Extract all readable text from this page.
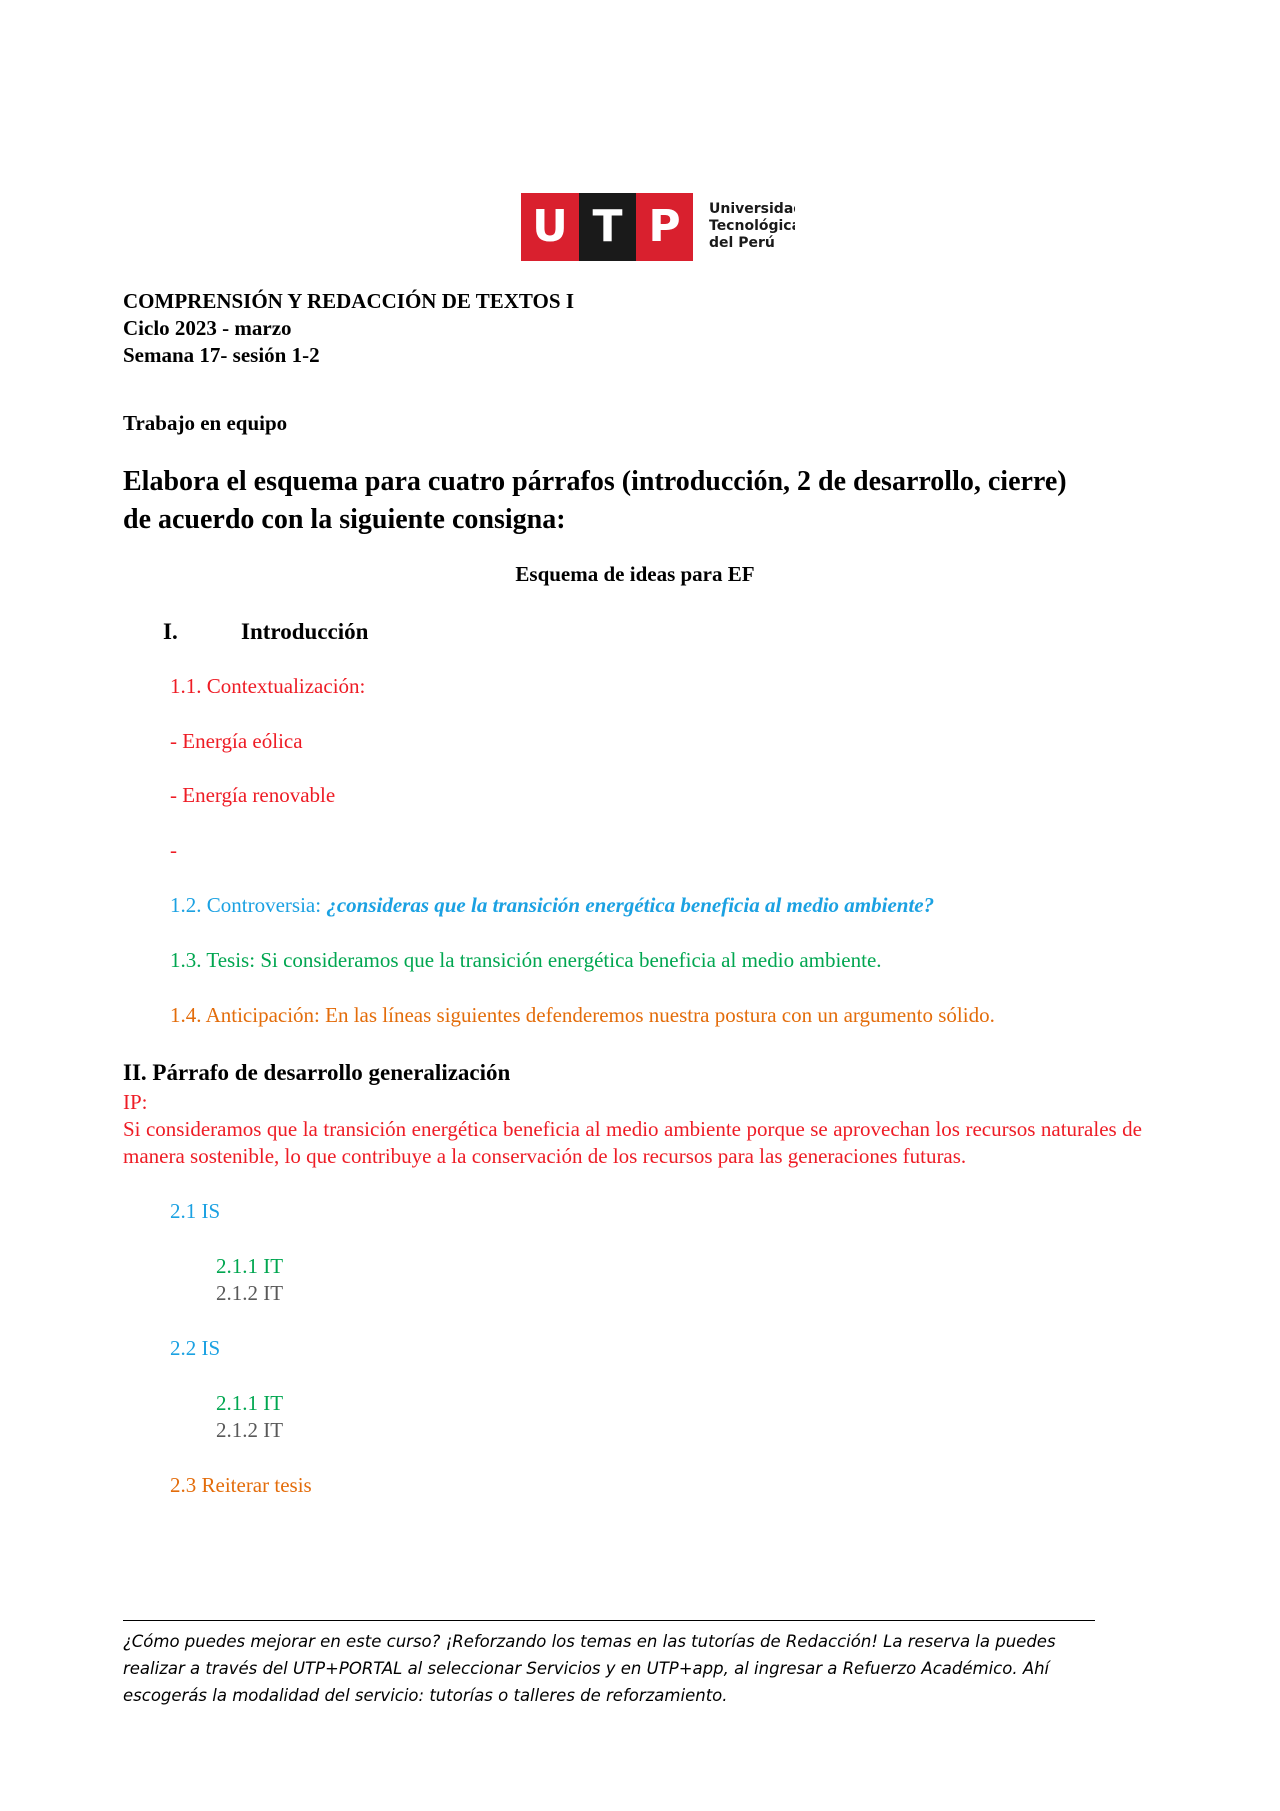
U T P Universidad
Tecnológica
del Perú
COMPRENSIÓN Y REDACCIÓN DE TEXTOS I
Ciclo 2023 - marzo
Semana 17- sesión 1-2
Trabajo en equipo
Elabora el esquema para cuatro párrafos (introducción, 2 de desarrollo, cierre) de acuerdo con la siguiente consigna:
Esquema de ideas para EF
I.	Introducción
1.1. Contextualización:
- Energía eólica
- Energía renovable
-
1.2. Controversia: ¿consideras que la transición energética beneficia al medio ambiente?
1.3. Tesis: Si consideramos que la transición energética beneficia al medio ambiente.
1.4. Anticipación: En las líneas siguientes defenderemos nuestra postura con un argumento sólido.
II. Párrafo de desarrollo generalización
IP:
Si consideramos que la transición energética beneficia al medio ambiente porque se aprovechan los recursos naturales de manera sostenible, lo que contribuye a la conservación de los recursos para las generaciones futuras.
2.1 IS
2.1.1 IT
2.1.2 IT
2.2 IS
2.1.1 IT
2.1.2 IT
2.3 Reiterar tesis
¿Cómo puedes mejorar en este curso? ¡Reforzando los temas en las tutorías de Redacción! La reserva la puedes realizar a través del UTP+PORTAL al seleccionar Servicios y en UTP+app, al ingresar a Refuerzo Académico. Ahí escogerás la modalidad del servicio: tutorías o talleres de reforzamiento.
